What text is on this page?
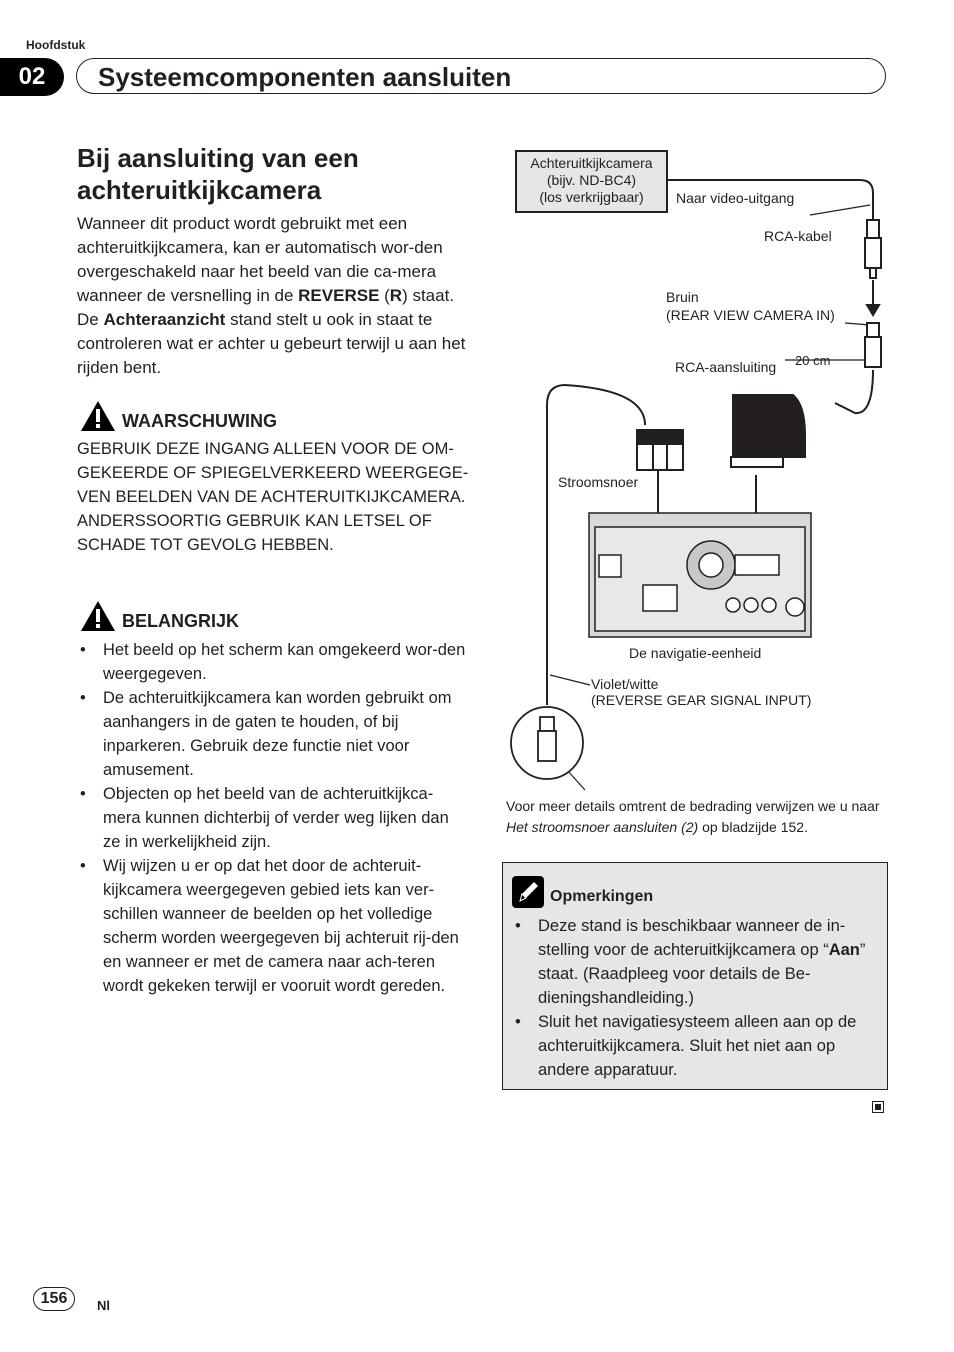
Hoofdstuk
02	Systeemcomponenten aansluiten
Bij aansluiting van een
achteruitkijkcamera
Wanneer dit product wordt gebruikt met een achteruitkijkcamera, kan er automatisch wor-den overgeschakeld naar het beeld van die ca-mera wanneer de versnelling in de REVERSE (R) staat. De Achteraanzicht stand stelt u ook in staat te controleren wat er achter u gebeurt terwijl u aan het rijden bent.
WAARSCHUWING
GEBRUIK DEZE INGANG ALLEEN VOOR DE OM-GEKEERDE OF SPIEGELVERKEERD WEERGEGE-VEN BEELDEN VAN DE ACHTERUITKIJKCAMERA. ANDERSSOORTIG GEBRUIK KAN LETSEL OF SCHADE TOT GEVOLG HEBBEN.
BELANGRIJK
• Het beeld op het scherm kan omgekeerd wor-den weergegeven.
• De achteruitkijkcamera kan worden gebruikt om aanhangers in de gaten te houden, of bij inparkeren. Gebruik deze functie niet voor amusement.
• Objecten op het beeld van de achteruitkijkca-mera kunnen dichterbij of verder weg lijken dan ze in werkelijkheid zijn.
• Wij wijzen u er op dat het door de achteruit-kijkcamera weergegeven gebied iets kan ver-schillen wanneer de beelden op het volledige scherm worden weergegeven bij achteruit rij-den en wanneer er met de camera naar ach-teren wordt gekeken terwijl er vooruit wordt gereden.
Achteruitkijkcamera
(bijv. ND-BC4)
(los verkrijgbaar)	Naar video-uitgang
RCA-kabel
Bruin
(REAR VIEW CAMERA IN)
RCA-aansluiting 20 cm
Stroomsnoer
De navigatie-eenheid
Violet/witte
(REVERSE GEAR SIGNAL INPUT)
Voor meer details omtrent de bedrading verwijzen we u naar Het stroomsnoer aansluiten (2) op bladzijde 152.
Opmerkingen
• Deze stand is beschikbaar wanneer de in-stelling voor de achteruitkijkcamera op “Aan” staat. (Raadpleeg voor details de Be-dieningshandleiding.)
• Sluit het navigatiesysteem alleen aan op de achteruitkijkcamera. Sluit het niet aan op andere apparatuur.
156	Nl
